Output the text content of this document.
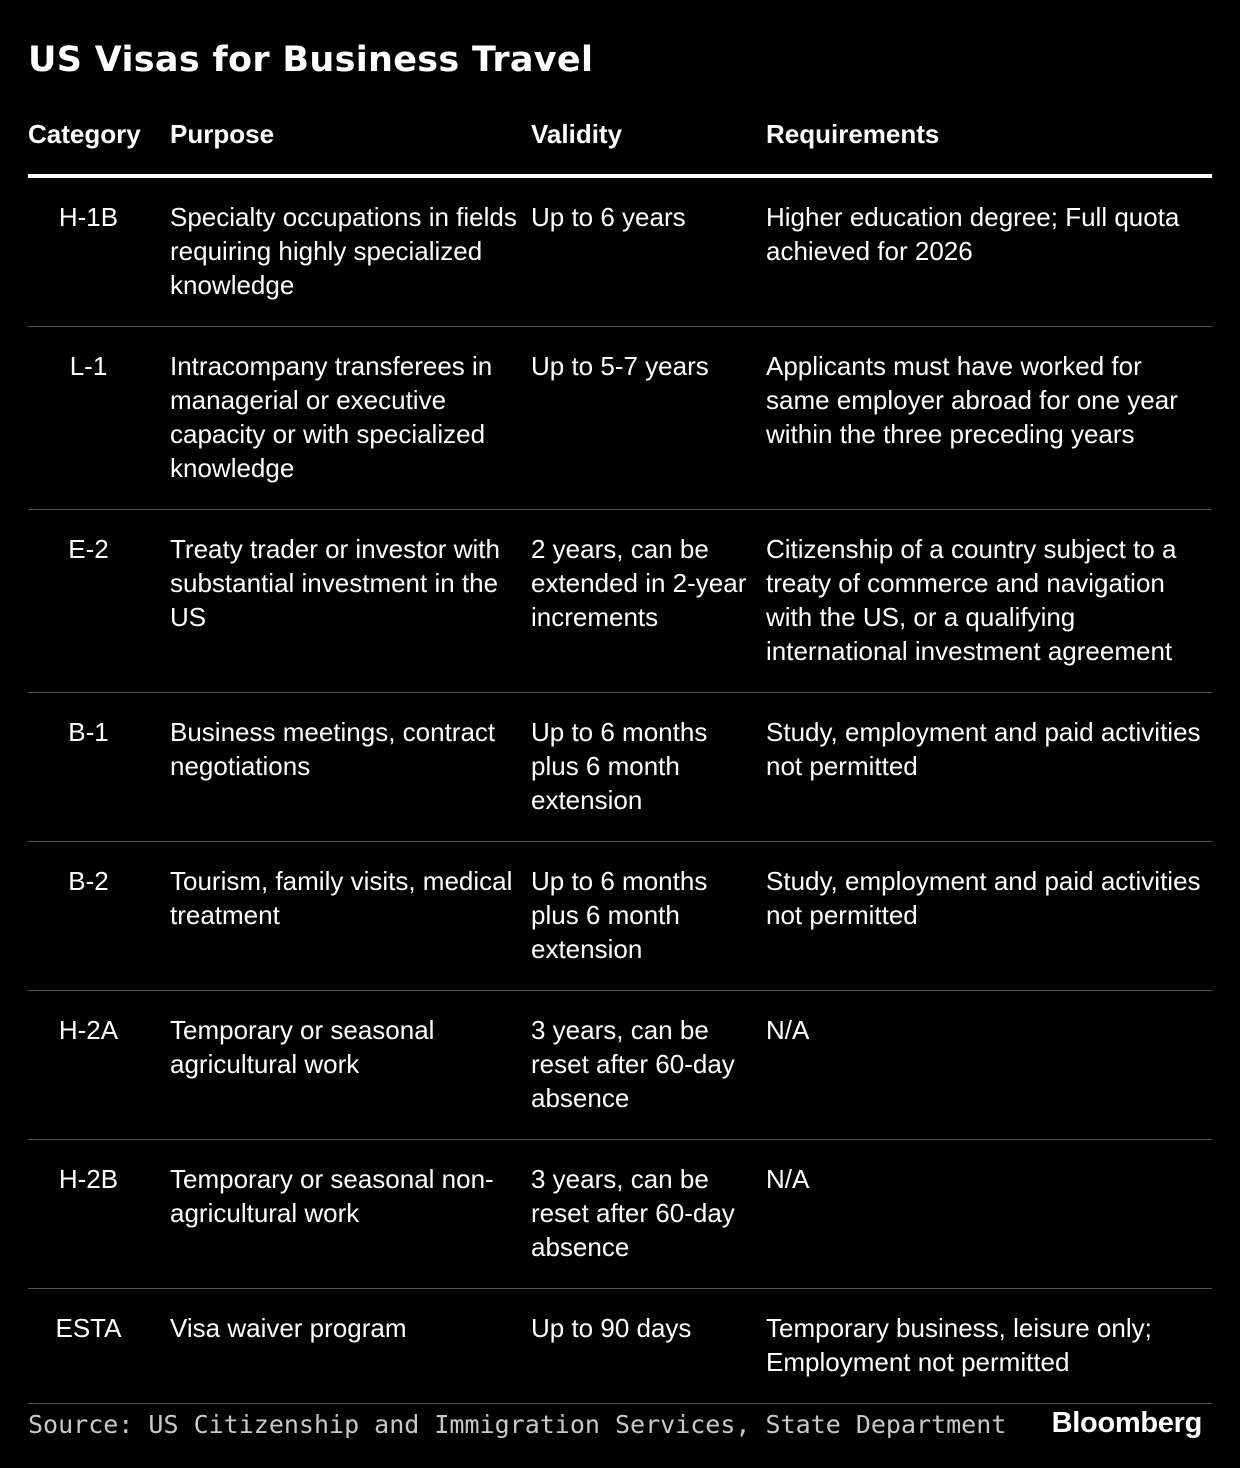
US Visas for Business Travel
Category	Purpose	Validity	Requirements
H-1B	Specialty occupations in fields requiring highly specialized knowledge	Up to 6 years	Higher education degree; Full quota achieved for 2026
L-1	Intracompany transferees in managerial or executive capacity or with specialized knowledge	Up to 5-7 years	Applicants must have worked for same employer abroad for one year within the three preceding years
E-2	Treaty trader or investor with substantial investment in the US	2 years, can be extended in 2-year increments	Citizenship of a country subject to a treaty of commerce and navigation with the US, or a qualifying international investment agreement
B-1	Business meetings, contract negotiations	Up to 6 months plus 6 month extension	Study, employment and paid activities not permitted
B-2	Tourism, family visits, medical treatment	Up to 6 months plus 6 month extension	Study, employment and paid activities not permitted
H-2A	Temporary or seasonal agricultural work	3 years, can be reset after 60-day absence	N/A
H-2B	Temporary or seasonal non-agricultural work	3 years, can be reset after 60-day absence	N/A
ESTA	Visa waiver program	Up to 90 days	Temporary business, leisure only; Employment not permitted
Source: US Citizenship and Immigration Services, State Department Bloomberg
